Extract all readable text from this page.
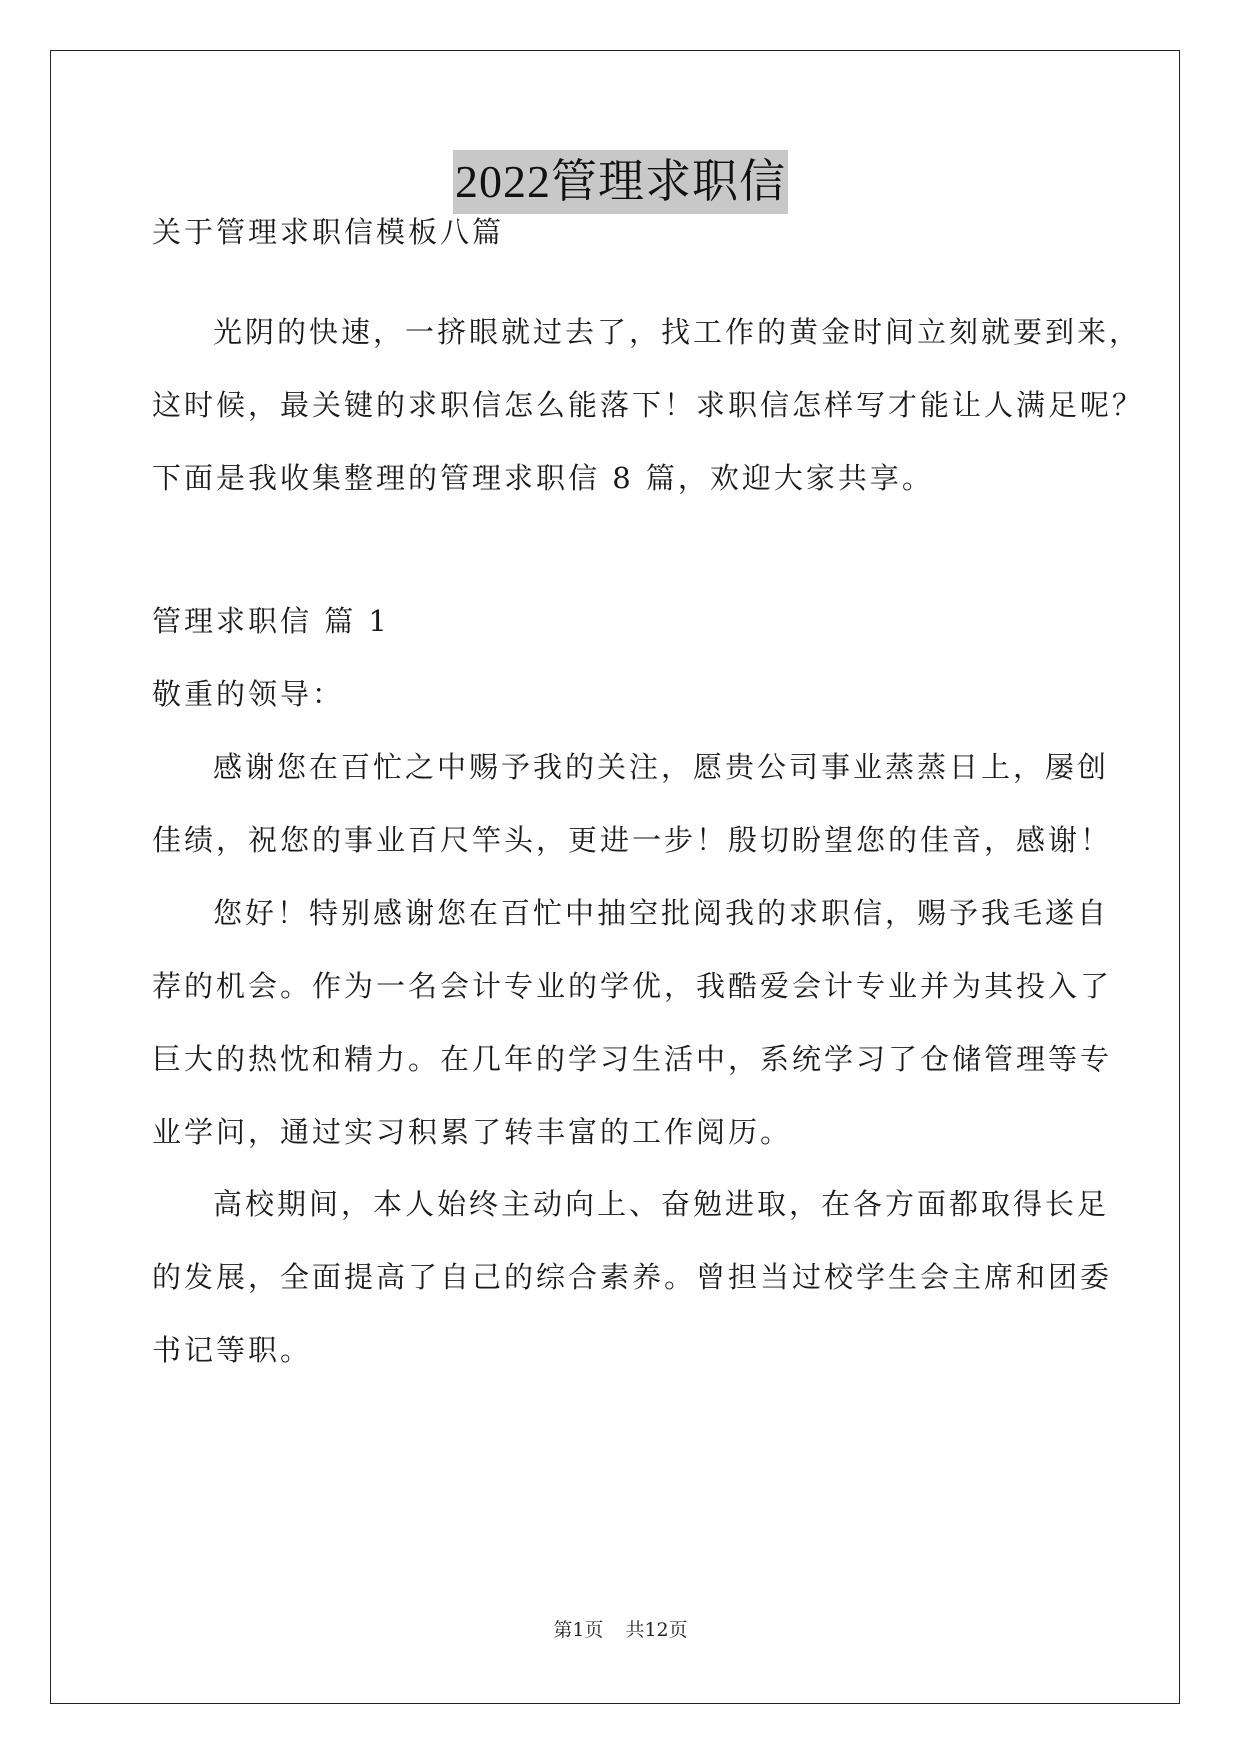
2022管理求职信
关于管理求职信模板八篇
光阴的快速，一挤眼就过去了，找工作的黄金时间立刻就要到来，
这时候，最关键的求职信怎么能落下！求职信怎样写才能让人满足呢？
下面是我收集整理的管理求职信 8 篇，欢迎大家共享。
管理求职信 篇 1
敬重的领导：
感谢您在百忙之中赐予我的关注，愿贵公司事业蒸蒸日上，屡创
佳绩，祝您的事业百尺竿头，更进一步！殷切盼望您的佳音，感谢！
您好！特别感谢您在百忙中抽空批阅我的求职信，赐予我毛遂自
荐的机会。作为一名会计专业的学优，我酷爱会计专业并为其投入了
巨大的热忱和精力。在几年的学习生活中，系统学习了仓储管理等专
业学问，通过实习积累了转丰富的工作阅历。
高校期间，本人始终主动向上、奋勉进取，在各方面都取得长足
的发展，全面提高了自己的综合素养。曾担当过校学生会主席和团委
书记等职。
第1页 共12页
